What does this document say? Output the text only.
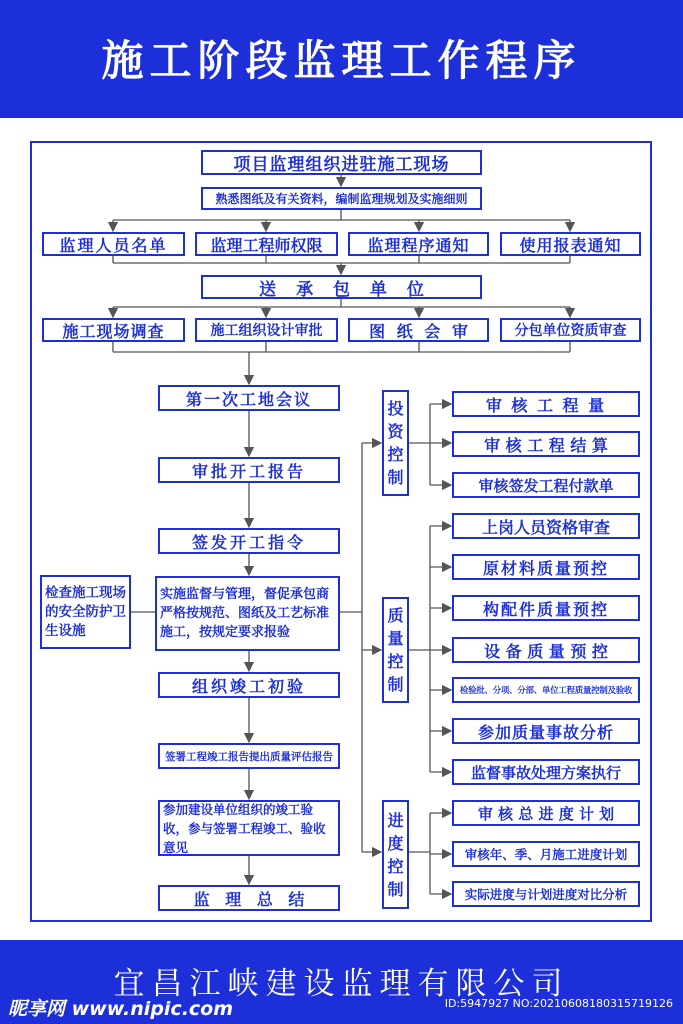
施工阶段监理工作程序
项目监理组织进驻施工现场
熟悉图纸及有关资料，编制监理规划及实施细则
监理人员名单	监理工程师权限	监理程序通知	使用报表通知
送 承 包 单 位
施工现场调查	施工组织设计审批	图 纸 会 审	分包单位资质审查
第一次工地会议
审批开工报告
签发开工指令
实施监督与管理，督促承包商严格按规范、图纸及工艺标准施工，按规定要求报验
组织竣工初验
签署工程竣工报告提出质量评估报告
参加建设单位组织的竣工验收，参与签署工程竣工、验收意见
监 理 总 结
检查施工现场的安全防护卫生设施
投资控制
质量控制
进度控制
审 核 工 程 量
审 核 工 程 结 算
审核签发工程付款单
上岗人员资格审查
原材料质量预控
构配件质量预控
设 备 质 量 预 控
检验批、分项、分部、单位工程质量控制及验收
参加质量事故分析
监督事故处理方案执行
审 核 总 进 度 计 划
审核年、季、月施工进度计划
实际进度与计划进度对比分析
宜昌江峡建设监理有限公司
昵享网 www.nipic.com	ID:5947927 NO:20210608180315719126
